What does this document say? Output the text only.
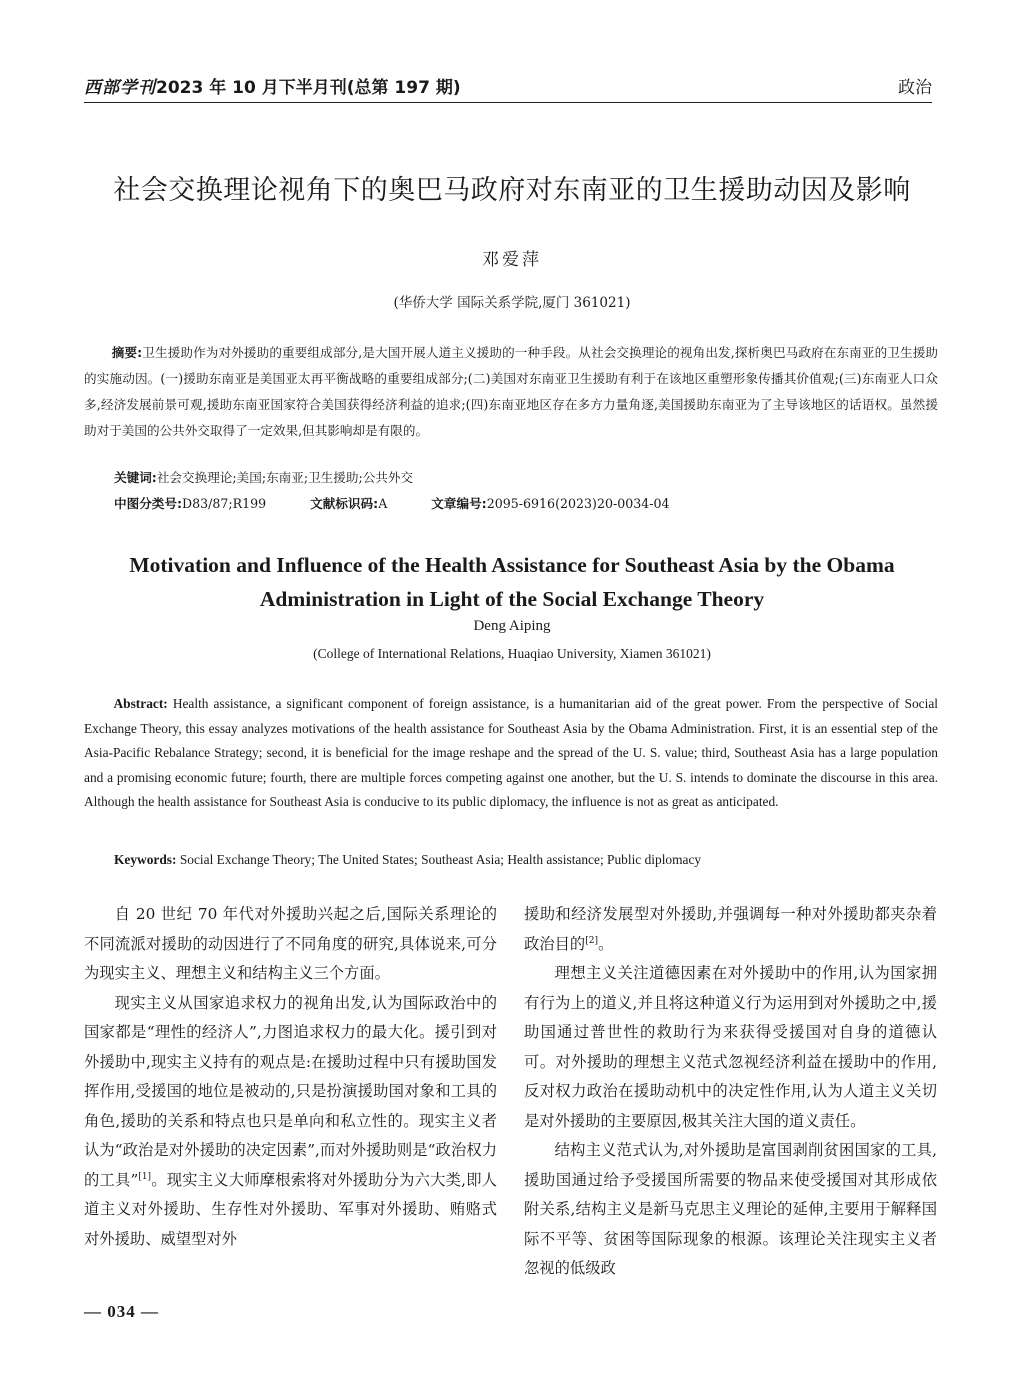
西部学刊2023 年 10 月下半月刊(总第 197 期)	政治
社会交换理论视角下的奥巴马政府对东南亚的卫生援助动因及影响
邓爱萍
(华侨大学 国际关系学院,厦门 361021)
摘要:卫生援助作为对外援助的重要组成部分,是大国开展人道主义援助的一种手段。从社会交换理论的视角出发,探析奥巴马政府在东南亚的卫生援助的实施动因。(一)援助东南亚是美国亚太再平衡战略的重要组成部分;(二)美国对东南亚卫生援助有利于在该地区重塑形象传播其价值观;(三)东南亚人口众多,经济发展前景可观,援助东南亚国家符合美国获得经济利益的追求;(四)东南亚地区存在多方力量角逐,美国援助东南亚为了主导该地区的话语权。虽然援助对于美国的公共外交取得了一定效果,但其影响却是有限的。
关键词:社会交换理论;美国;东南亚;卫生援助;公共外交
中图分类号:D83/87;R199	文献标识码:A	文章编号:2095-6916(2023)20-0034-04
Motivation and Influence of the Health Assistance for Southeast Asia by the Obama Administration in Light of the Social Exchange Theory
Deng Aiping
(College of International Relations, Huaqiao University, Xiamen 361021)
Abstract: Health assistance, a significant component of foreign assistance, is a humanitarian aid of the great power. From the perspective of Social Exchange Theory, this essay analyzes motivations of the health assistance for Southeast Asia by the Obama Administration. First, it is an essential step of the Asia-Pacific Rebalance Strategy; second, it is beneficial for the image reshape and the spread of the U. S. value; third, Southeast Asia has a large population and a promising economic future; fourth, there are multiple forces competing against one another, but the U. S. intends to dominate the discourse in this area. Although the health assistance for Southeast Asia is conducive to its public diplomacy, the influence is not as great as anticipated.
Keywords: Social Exchange Theory; The United States; Southeast Asia; Health assistance; Public diplomacy

自 20 世纪 70 年代对外援助兴起之后,国际关系理论的不同流派对援助的动因进行了不同角度的研究,具体说来,可分为现实主义、理想主义和结构主义三个方面。

现实主义从国家追求权力的视角出发,认为国际政治中的国家都是“理性的经济人”,力图追求权力的最大化。援引到对外援助中,现实主义持有的观点是:在援助过程中只有援助国发挥作用,受援国的地位是被动的,只是扮演援助国对象和工具的角色,援助的关系和特点也只是单向和私立性的。现实主义者认为“政治是对外援助的决定因素”,而对外援助则是“政治权力的工具”[1]。现实主义大师摩根索将对外援助分为六大类,即人道主义对外援助、生存性对外援助、军事对外援助、贿赂式对外援助、威望型对外

援助和经济发展型对外援助,并强调每一种对外援助都夹杂着政治目的[2]。

理想主义关注道德因素在对外援助中的作用,认为国家拥有行为上的道义,并且将这种道义行为运用到对外援助之中,援助国通过普世性的救助行为来获得受援国对自身的道德认可。对外援助的理想主义范式忽视经济利益在援助中的作用,反对权力政治在援助动机中的决定性作用,认为人道主义关切是对外援助的主要原因,极其关注大国的道义责任。

结构主义范式认为,对外援助是富国剥削贫困国家的工具,援助国通过给予受援国所需要的物品来使受援国对其形成依附关系,结构主义是新马克思主义理论的延伸,主要用于解释国际不平等、贫困等国际现象的根源。该理论关注现实主义者忽视的低级政

— 034 —
